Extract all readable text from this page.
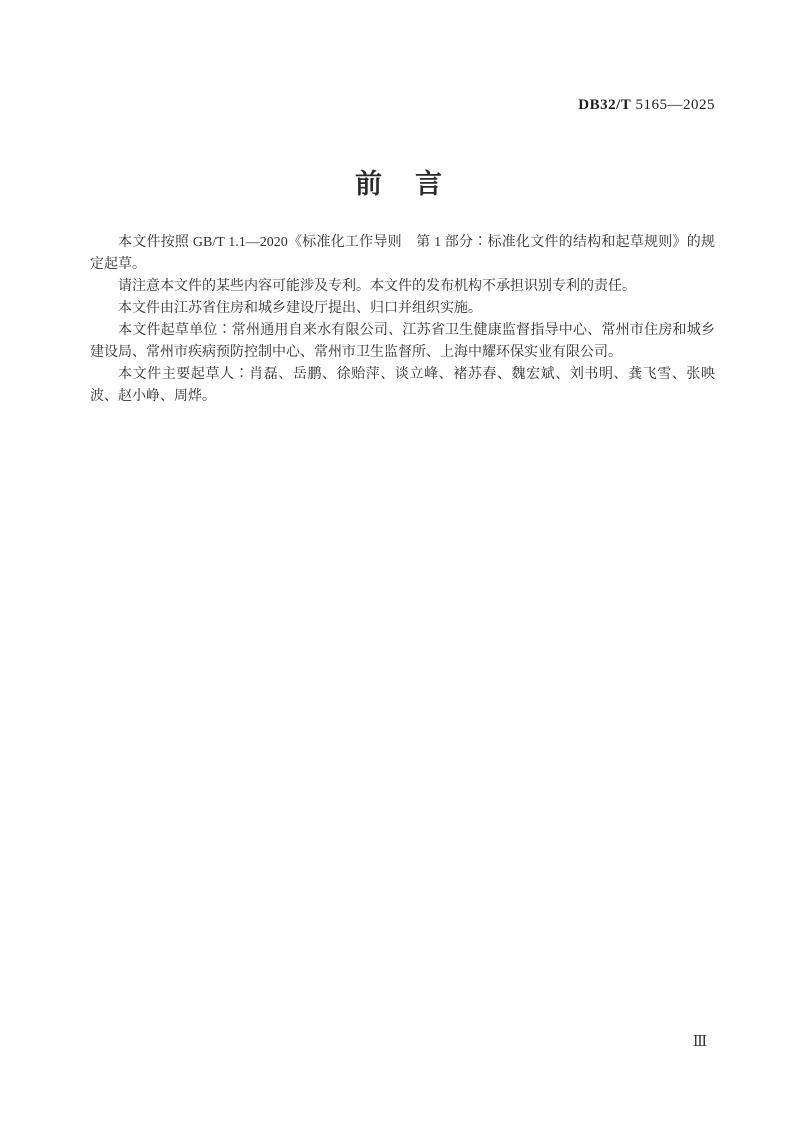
DB32/T 5165—2025
前　言

本文件按照 GB/T 1.1—2020《标准化工作导则　第 1 部分∶标准化文件的结构和起草规则》的规定起草。

请注意本文件的某些内容可能涉及专利。本文件的发布机构不承担识别专利的责任。

本文件由江苏省住房和城乡建设厅提出、归口并组织实施。

本文件起草单位∶常州通用自来水有限公司、江苏省卫生健康监督指导中心、常州市住房和城乡建设局、常州市疾病预防控制中心、常州市卫生监督所、上海中耀环保实业有限公司。

本文件主要起草人∶肖磊、岳鹏、徐贻萍、谈立峰、褚苏春、魏宏斌、刘书明、龚飞雪、张映波、赵小峥、周烨。

Ⅲ
